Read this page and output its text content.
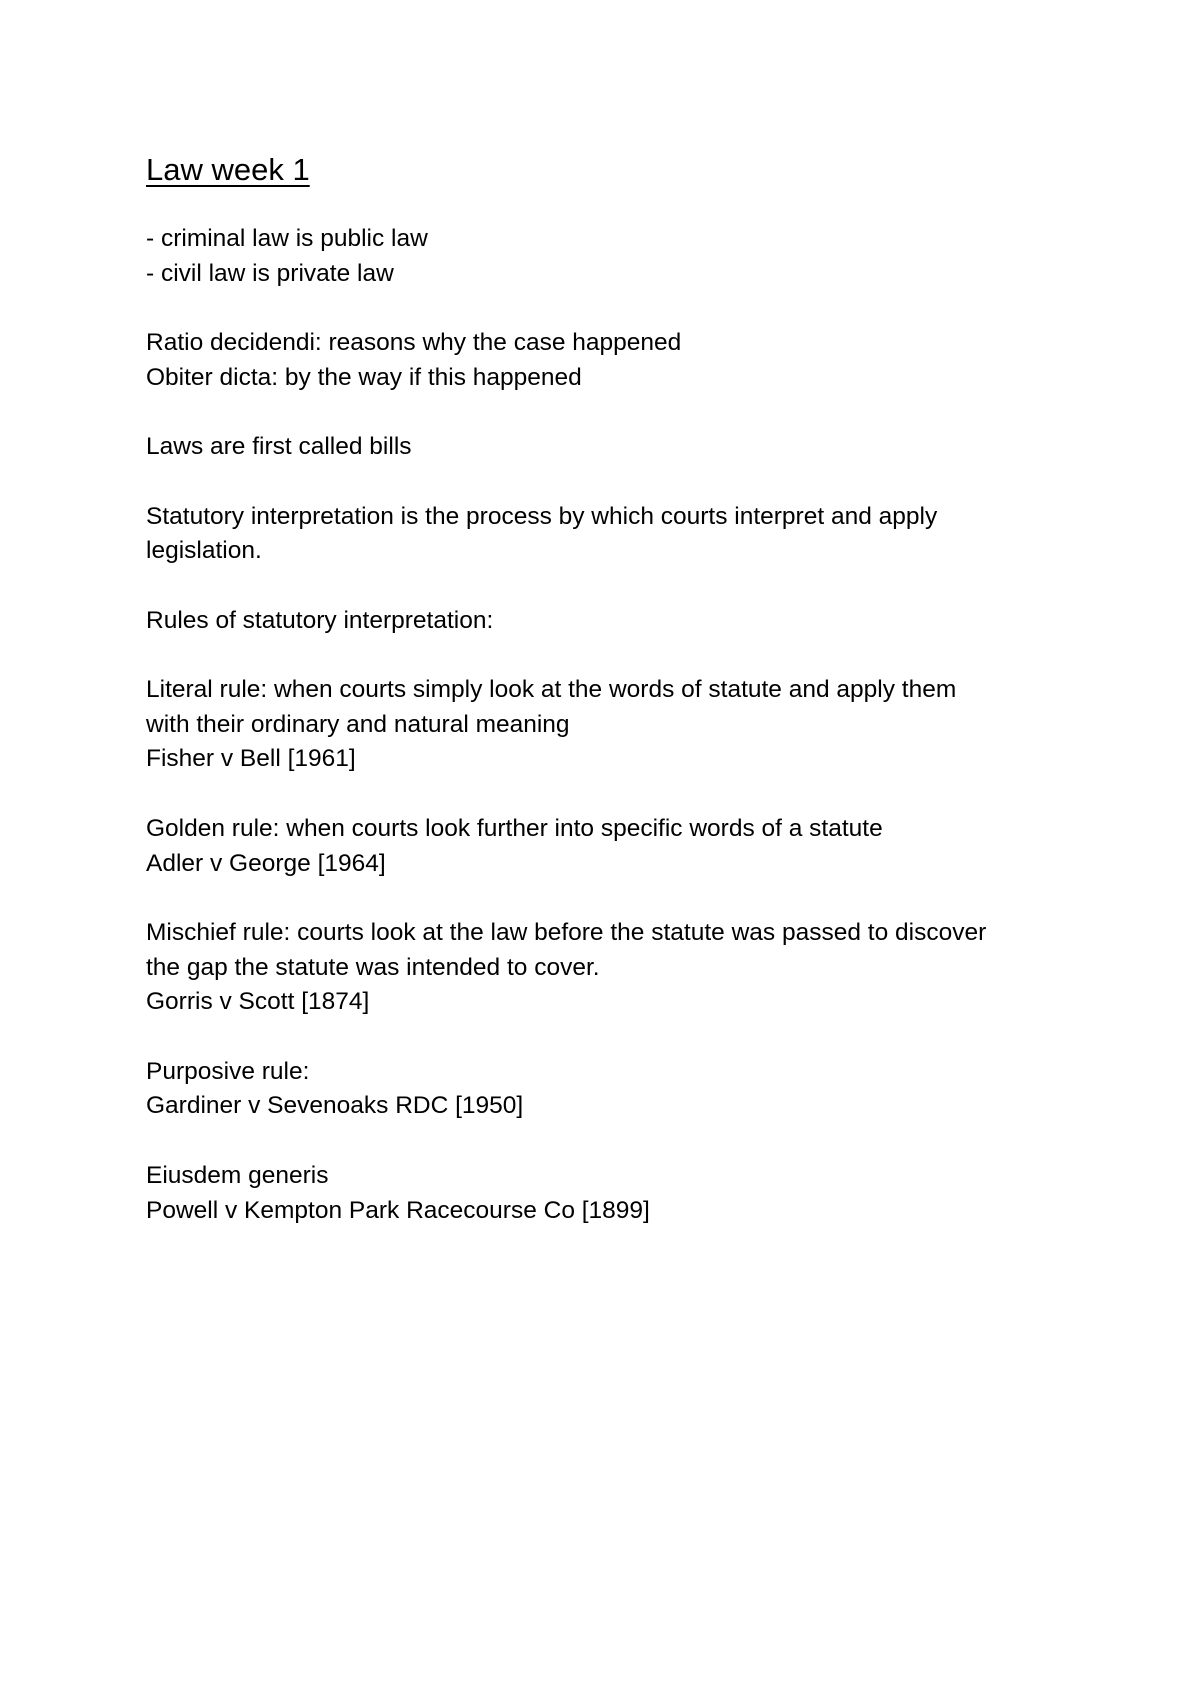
Law week 1

- criminal law is public law

- civil law is private law

Ratio decidendi: reasons why the case happened

Obiter dicta: by the way if this happened

Laws are first called bills

Statutory interpretation is the process by which courts interpret and apply

legislation.

Rules of statutory interpretation:

Literal rule: when courts simply look at the words of statute and apply them

with their ordinary and natural meaning

Fisher v Bell [1961]

Golden rule: when courts look further into specific words of a statute

Adler v George [1964]

Mischief rule: courts look at the law before the statute was passed to discover

the gap the statute was intended to cover.

Gorris v Scott [1874]

Purposive rule:

Gardiner v Sevenoaks RDC [1950]

Eiusdem generis

Powell v Kempton Park Racecourse Co [1899]
